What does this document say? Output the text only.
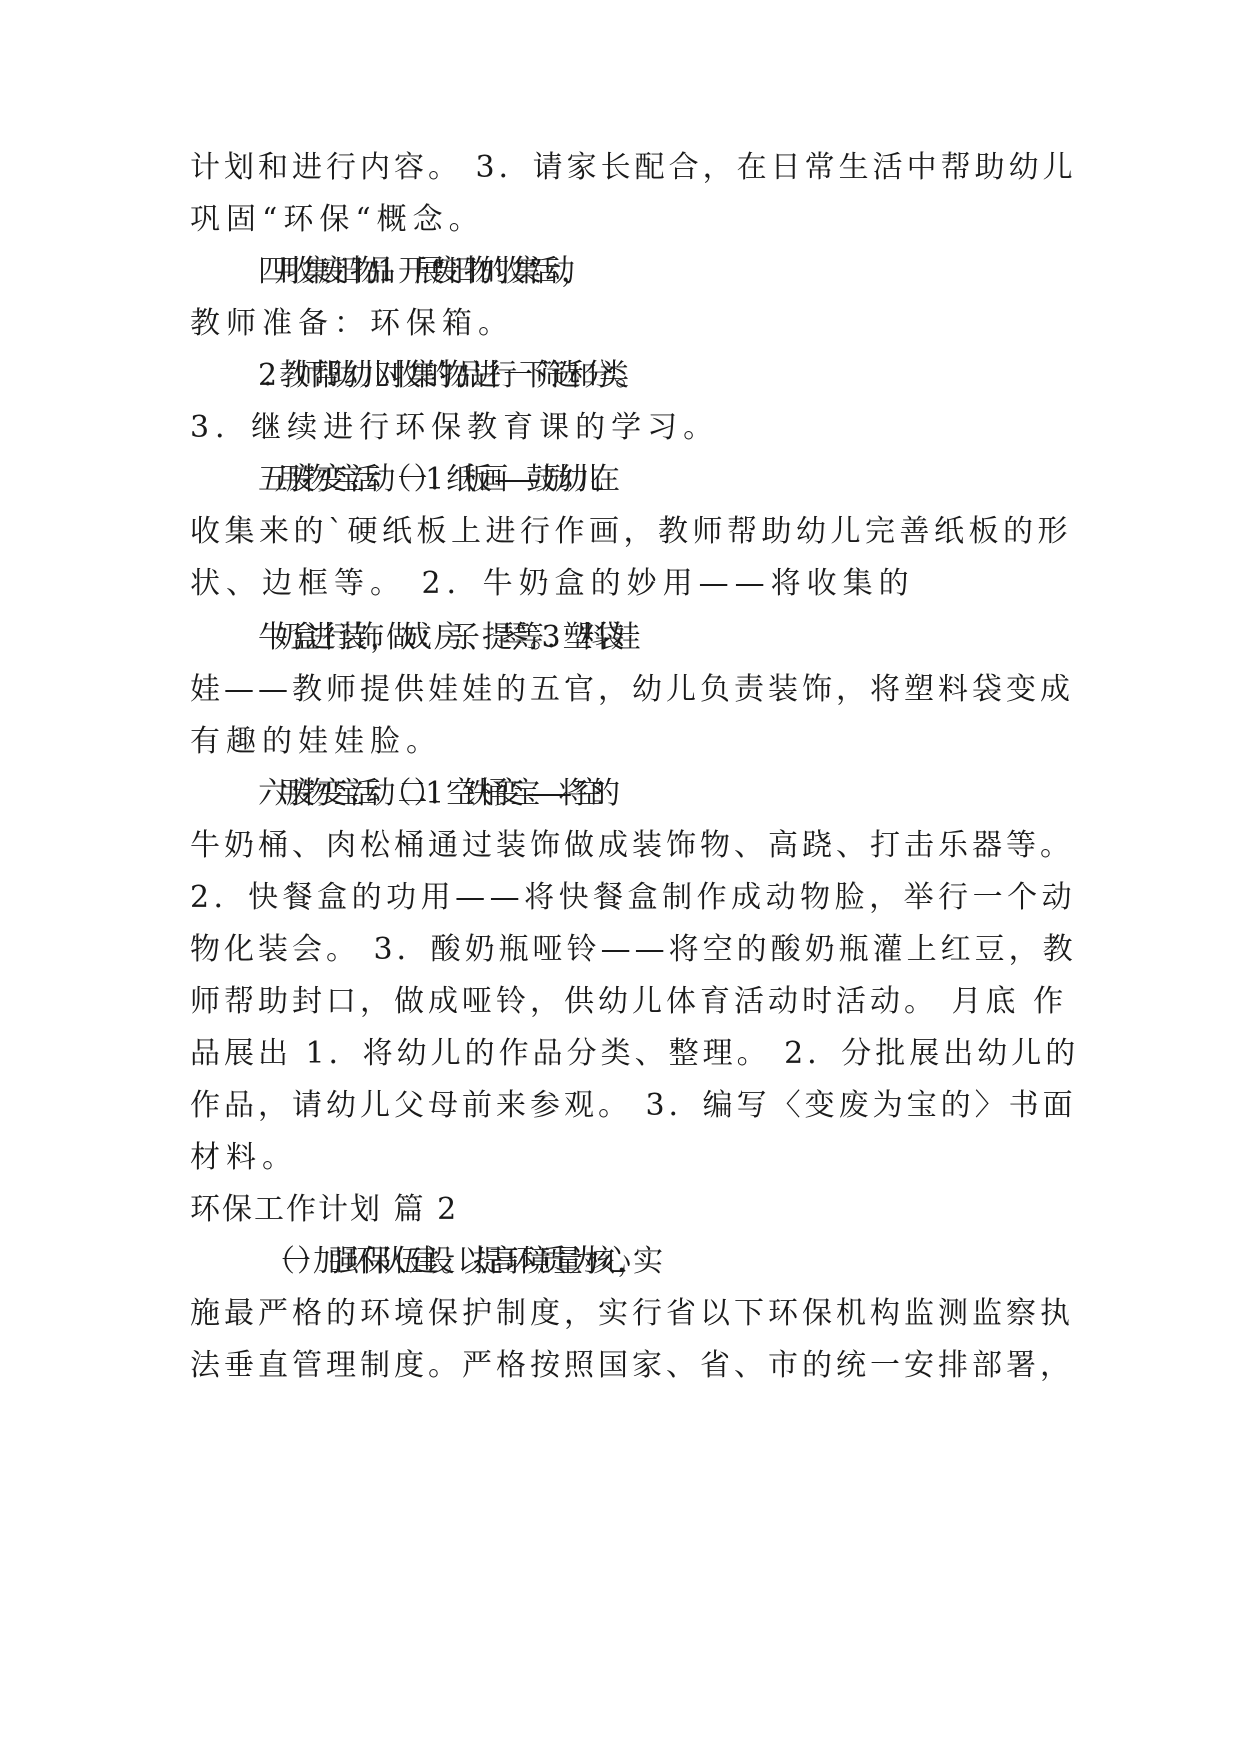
计划和进行内容。 3．请家长配合，在日常生活中帮助幼儿
巩固“环保“概念。
四月 收集废旧物品 1．开展“废旧物的收集”活动，
教师准备：环保箱。
2．教师帮助幼儿对收集的物品进行一下筛选和分类。
3．继续进行环保教育课的学习。
五月 废物变宝活动（一） 1．纸板画——鼓励幼儿在
收集来的`硬纸板上进行作画，教师帮助幼儿完善纸板的形
状、边框等。 2．牛奶盒的妙用——将收集的
牛奶盒进行装饰，做成：房子、提琴等。 3．塑料袋娃
娃——教师提供娃娃的五官，幼儿负责装饰，将塑料袋变成
有趣的娃娃脸。
六月 废物变宝活动（二） 1．空铁桶变宝——将空的
牛奶桶、肉松桶通过装饰做成装饰物、高跷、打击乐器等。
2．快餐盒的功用——将快餐盒制作成动物脸，举行一个动
物化装会。 3．酸奶瓶哑铃——将空的酸奶瓶灌上红豆，教
师帮助封口，做成哑铃，供幼儿体育活动时活动。 月底 作
品展出 1．将幼儿的作品分类、整理。 2．分批展出幼儿的
作品，请幼儿父母前来参观。 3．编写〈变废为宝的〉书面
材料。
环保工作计划 篇 2
（一）加强环保队伍建设。以提高环境质量为核心，实
施最严格的环境保护制度，实行省以下环保机构监测监察执
法垂直管理制度。严格按照国家、省、市的统一安排部署，
